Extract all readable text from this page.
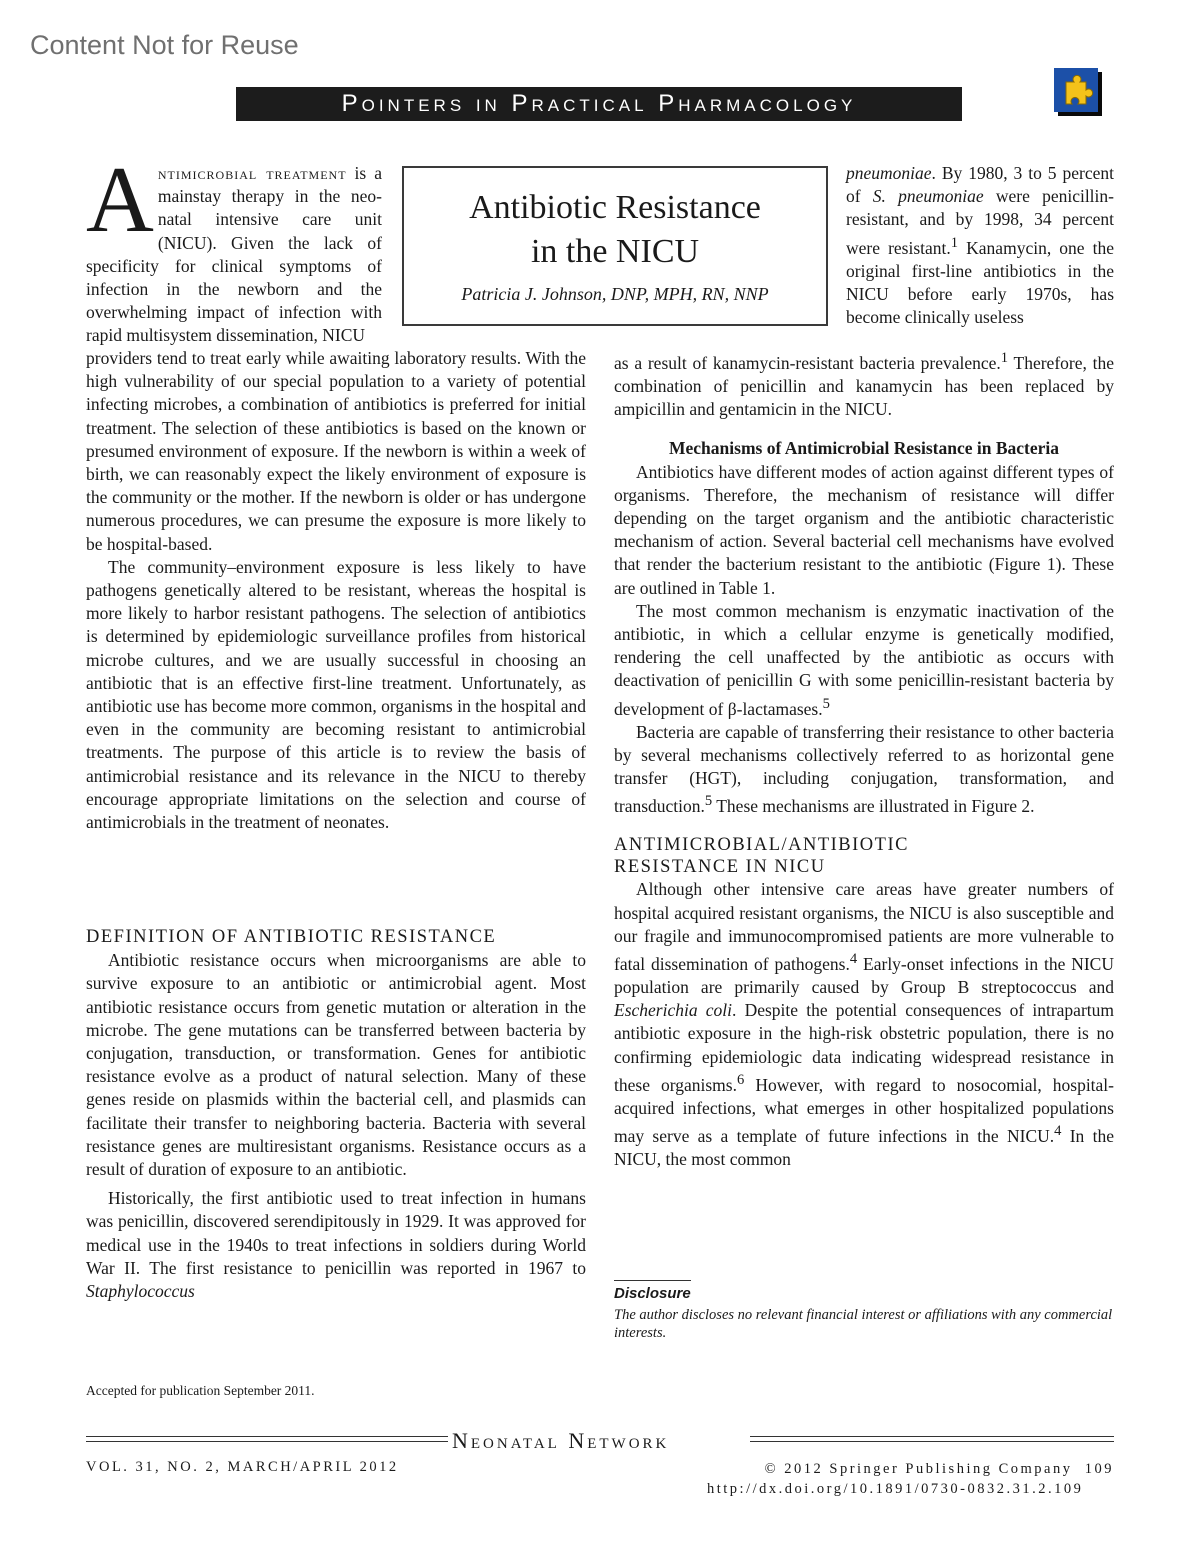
Content Not for Reuse
Pointers in Practical Pharmacology
Antibiotic Resistance
in the NICU
Patricia J. Johnson, DNP, MPH, RN, NNP
A ntimicrobial treatment is a mainstay therapy in the neo- natal intensive care unit (NICU). Given the lack of specificity for clinical symptoms of infection in the newborn and the overwhelming impact of infection with rapid multisystem dissemination, NICU

DEFINITION OF ANTIBIOTIC RESISTANCE

Antibiotic resistance occurs when microorganisms are able to survive exposure to an antibiotic or antimicrobial agent. Most antibiotic resistance occurs from genetic mutation or alteration in the microbe. The gene mutations can be transferred between bacteria by conjugation, transduction, or transformation. Genes for antibiotic resistance evolve as a product of natural selection. Many of these genes reside on plasmids within the bacterial cell, and plasmids can facilitate their transfer to neighboring bacteria. Bacteria with several resistance genes are multiresistant organisms. Resistance occurs as a result of duration of exposure to an antibiotic.

Historically, the first antibiotic used to treat infection in humans was penicillin, discovered serendipitously in 1929. It was approved for medical use in the 1940s to treat infections in soldiers during World War II. The first resistance to penicillin was reported in 1967 to Staphylococcus

pneumoniae. By 1980, 3 to 5 percent of S. pneumoniae were penicillin-resistant, and by 1998, 34 percent were resistant.$^1$ Kanamycin, one the original first-line antibiotics in the NICU before early 1970s, has become clinically useless

as a result of kanamycin-resistant bacteria prevalence.$^1$ Therefore, the combination of penicillin and kanamycin has been replaced by ampicillin and gentamicin in the NICU.

Mechanisms of Antimicrobial Resistance in Bacteria

Antibiotics have different modes of action against different types of organisms. Therefore, the mechanism of resistance will differ depending on the target organism and the antibiotic characteristic mechanism of action. Several bacterial cell mechanisms have evolved that render the bacterium resistant to the antibiotic (Figure 1). These are outlined in Table 1.

The most common mechanism is enzymatic inactivation of the antibiotic, in which a cellular enzyme is genetically modified, rendering the cell unaffected by the antibiotic as occurs with deactivation of penicillin G with some penicillin-resistant bacteria by development of β-lactamases.$^5$

Bacteria are capable of transferring their resistance to other bacteria by several mechanisms collectively referred to as horizontal gene transfer (HGT), including conjugation, transformation, and transduction.$^5$ These mechanisms are illustrated in Figure 2.

ANTIMICROBIAL/ANTIBIOTIC
RESISTANCE IN NICU

Although other intensive care areas have greater numbers of hospital acquired resistant organisms, the NICU is also susceptible and our fragile and immunocompromised patients are more vulnerable to fatal dissemination of pathogens.$^4$ Early-onset infections in the NICU population are primarily caused by Group B streptococcus and Escherichia coli. Despite the potential consequences of intrapartum antibiotic exposure in the high-risk obstetric population, there is no confirming epidemiologic data indicating widespread resistance in these organisms.$^6$ However, with regard to nosocomial, hospital-acquired infections, what emerges in other hospitalized populations may serve as a template of future infections in the NICU.$^4$ In the NICU, the most common

Disclosure
The author discloses no relevant financial interest or affiliations with any commercial interests.
Accepted for publication September 2011.
Neonatal Network
VOL. 31, NO. 2, MARCH/APRIL 2012	© 2012 Springer Publishing Company 109
http://dx.doi.org/10.1891/0730-0832.31.2.109

providers tend to treat early while awaiting laboratory results. With the high vulnerability of our special population to a variety of potential infecting microbes, a combination of antibiotics is preferred for initial treatment. The selection of these antibiotics is based on the known or presumed environment of exposure. If the newborn is within a week of birth, we can reasonably expect the likely environment of exposure is the community or the mother. If the newborn is older or has undergone numerous procedures, we can presume the exposure is more likely to be hospital-based.

The community–environment exposure is less likely to have pathogens genetically altered to be resistant, whereas the hospital is more likely to harbor resistant pathogens. The selection of antibiotics is determined by epidemiologic surveillance profiles from historical microbe cultures, and we are usually successful in choosing an antibiotic that is an effective first-line treatment. Unfortunately, as antibiotic use has become more common, organisms in the hospital and even in the community are becoming resistant to antimicrobial treatments. The purpose of this article is to review the basis of antimicrobial resistance and its relevance in the NICU to thereby encourage appropriate limitations on the selection and course of antimicrobials in the treatment of neonates.
